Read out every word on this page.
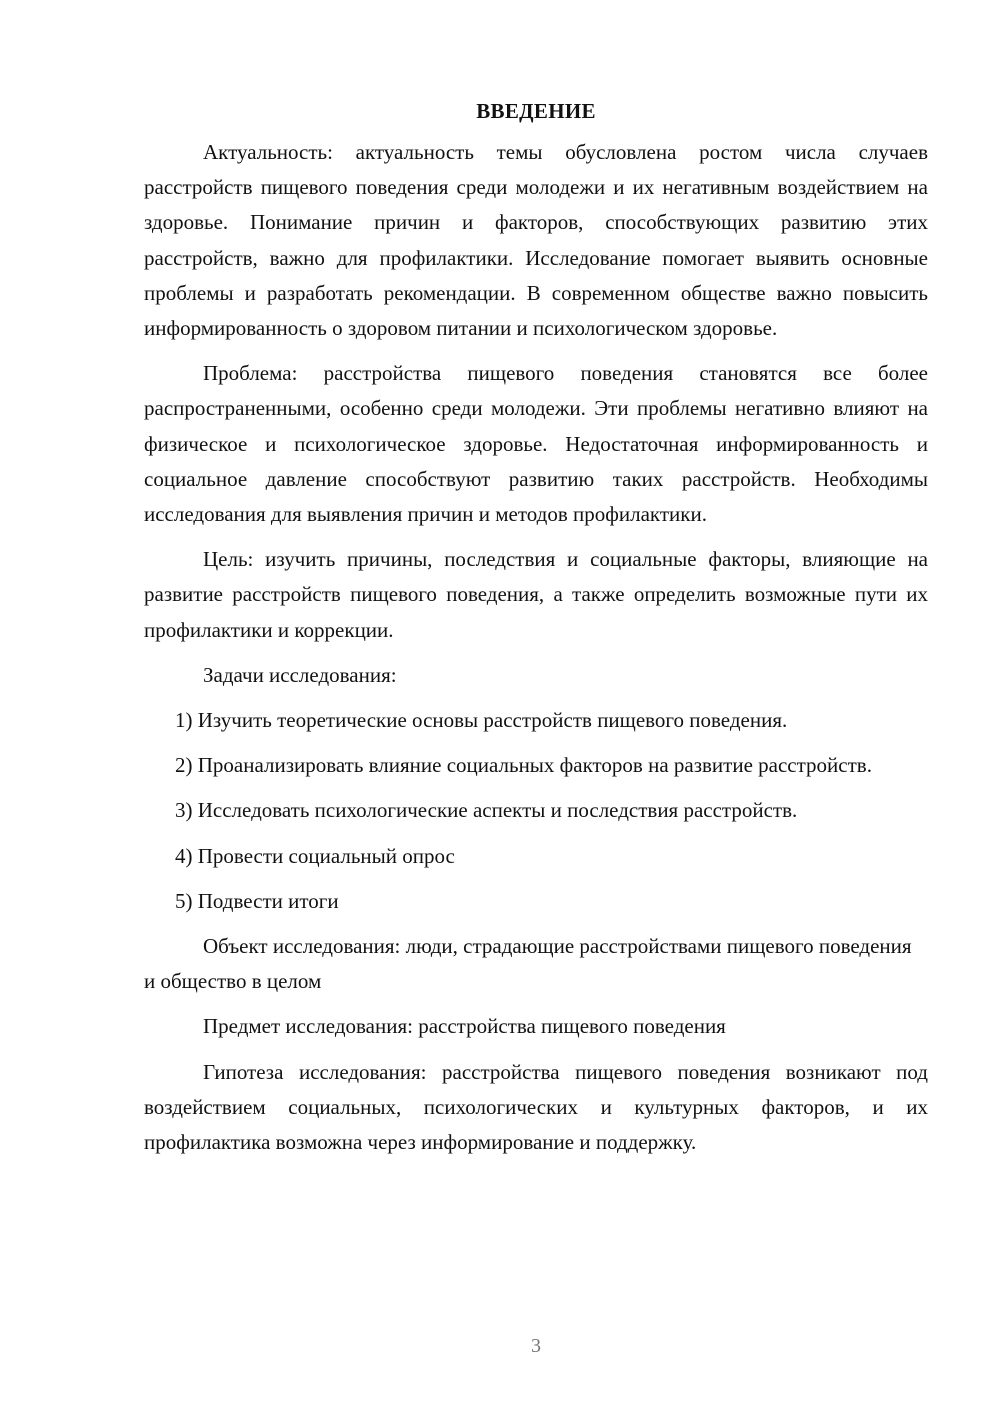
ВВЕДЕНИЕ

Актуальность: актуальность темы обусловлена ростом числа случаев расстройств пищевого поведения среди молодежи и их негативным воздействием на здоровье. Понимание причин и факторов, способствующих развитию этих расстройств, важно для профилактики. Исследование помогает выявить основные проблемы и разработать рекомендации. В современном обществе важно повысить информированность о здоровом питании и психологическом здоровье.

Проблема: расстройства пищевого поведения становятся все более распространенными, особенно среди молодежи. Эти проблемы негативно влияют на физическое и психологическое здоровье. Недостаточная информированность и социальное давление способствуют развитию таких расстройств. Необходимы исследования для выявления причин и методов профилактики.

Цель: изучить причины, последствия и социальные факторы, влияющие на развитие расстройств пищевого поведения, а также определить возможные пути их профилактики и коррекции.

Задачи исследования:

1) Изучить теоретические основы расстройств пищевого поведения.

2) Проанализировать влияние социальных факторов на развитие расстройств.

3) Исследовать психологические аспекты и последствия расстройств.

4) Провести социальный опрос

5) Подвести итоги

Объект исследования: люди, страдающие расстройствами пищевого поведения и общество в целом

Предмет исследования: расстройства пищевого поведения

Гипотеза исследования: расстройства пищевого поведения возникают под воздействием социальных, психологических и культурных факторов, и их профилактика возможна через информирование и поддержку.

3
